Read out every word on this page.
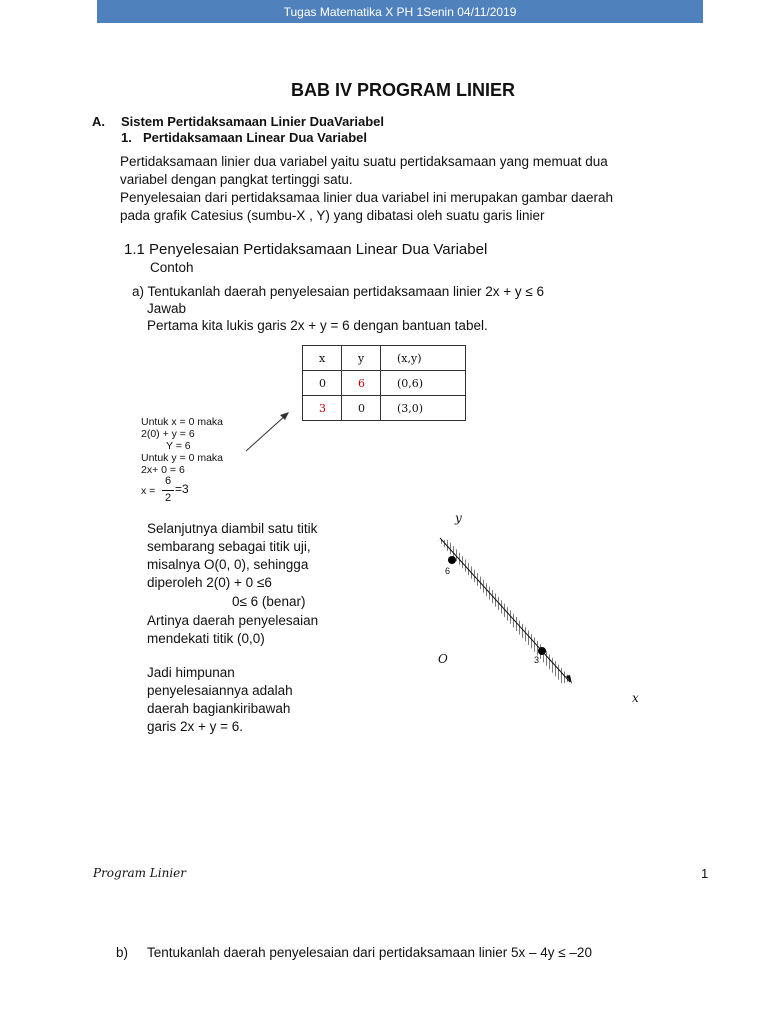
Tugas Matematika X PH 1Senin 04/11/2019
BAB IV PROGRAM LINIER
A. Sistem Pertidaksamaan Linier DuaVariabel
1. Pertidaksamaan Linear Dua Variabel
Pertidaksamaan linier dua variabel yaitu suatu pertidaksamaan yang memuat dua
variabel dengan pangkat tertinggi satu.
Penyelesaian dari pertidaksamaa linier dua variabel ini merupakan gambar daerah
pada grafik Catesius (sumbu-X , Y) yang dibatasi oleh suatu garis linier
1.1 Penyelesaian Pertidaksamaan Linear Dua Variabel
Contoh
a) Tentukanlah daerah penyelesaian pertidaksamaan linier 2x + y ≤ 6
Jawab
Pertama kita lukis garis 2x + y = 6 dengan bantuan tabel.
x	y	(x,y)
0	6	(0,6)
3	0	(3,0)
Untuk x = 0 maka
2(0) + y = 6
Y = 6
Untuk y = 0 maka
2x+ 0 = 6
x =
6
2
=3
Selanjutnya diambil satu titik
sembarang sebagai titik uji,
misalnya O(0, 0), sehingga
diperoleh 2(0) + 0 ≤6
0≤ 6 (benar)
Artinya daerah penyelesaian
mendekati titik (0,0)
Jadi himpunan
penyelesaiannya adalah
daerah bagiankiribawah
garis 2x + y = 6.
y
x
O
6
3
Program Linier	1
b) Tentukanlah daerah penyelesaian dari pertidaksamaan linier 5x – 4y ≤ –20
